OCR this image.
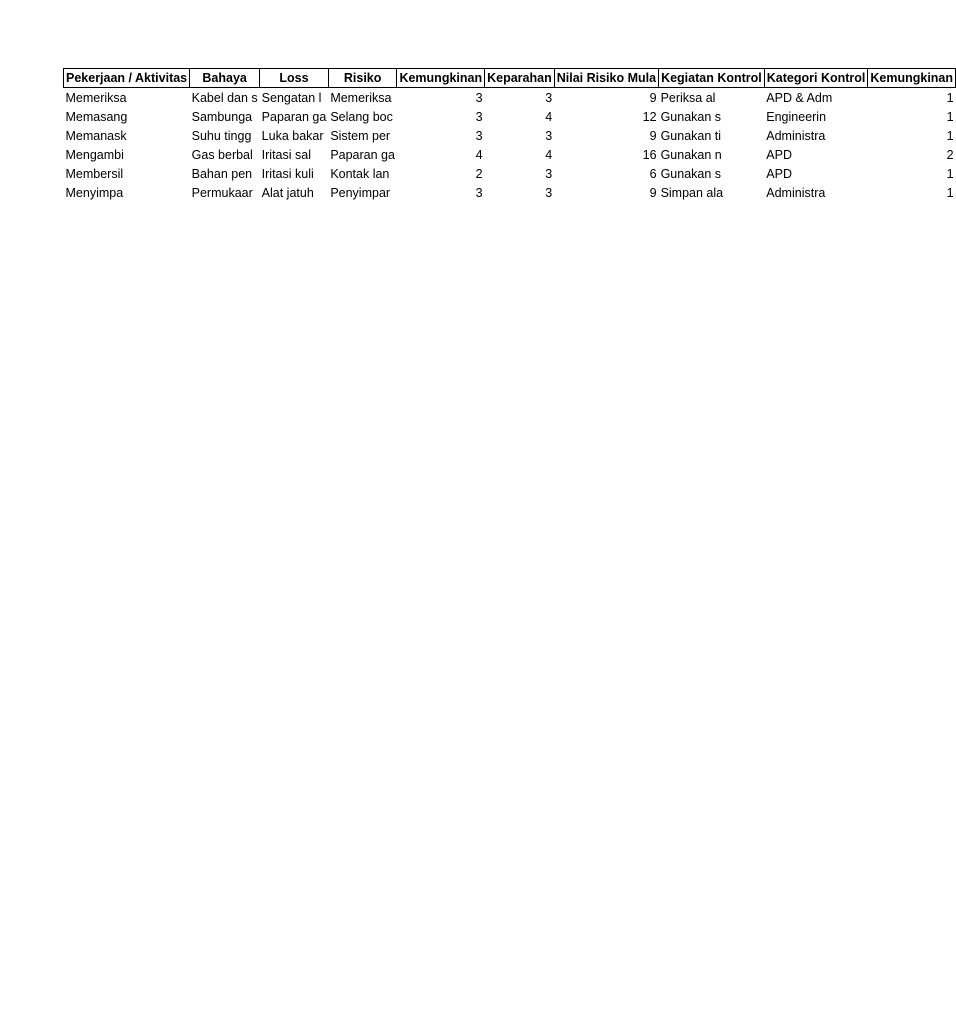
Pekerjaan / Aktivitas	Bahaya	Loss	Risiko	Kemungkinan	Keparahan	Nilai Risiko Mula	Kegiatan Kontrol	Kategori Kontrol	Kemungkinan
Memeriksa	Kabel dan s	Sengatan l	Memeriksa	3	3	9	Periksa al	APD & Adm	1
Memasang	Sambunga	Paparan ga	Selang boc	3	4	12	Gunakan s	Engineerin	1
Memanask	Suhu tingg	Luka bakar	Sistem per	3	3	9	Gunakan ti	Administra	1
Mengambi	Gas berbal	Iritasi sal	Paparan ga	4	4	16	Gunakan n	APD	2
Membersil	Bahan pen	Iritasi kuli	Kontak lan	2	3	6	Gunakan s	APD	1
Menyimpa	Permukaar	Alat jatuh	Penyimpar	3	3	9	Simpan ala	Administra	1
